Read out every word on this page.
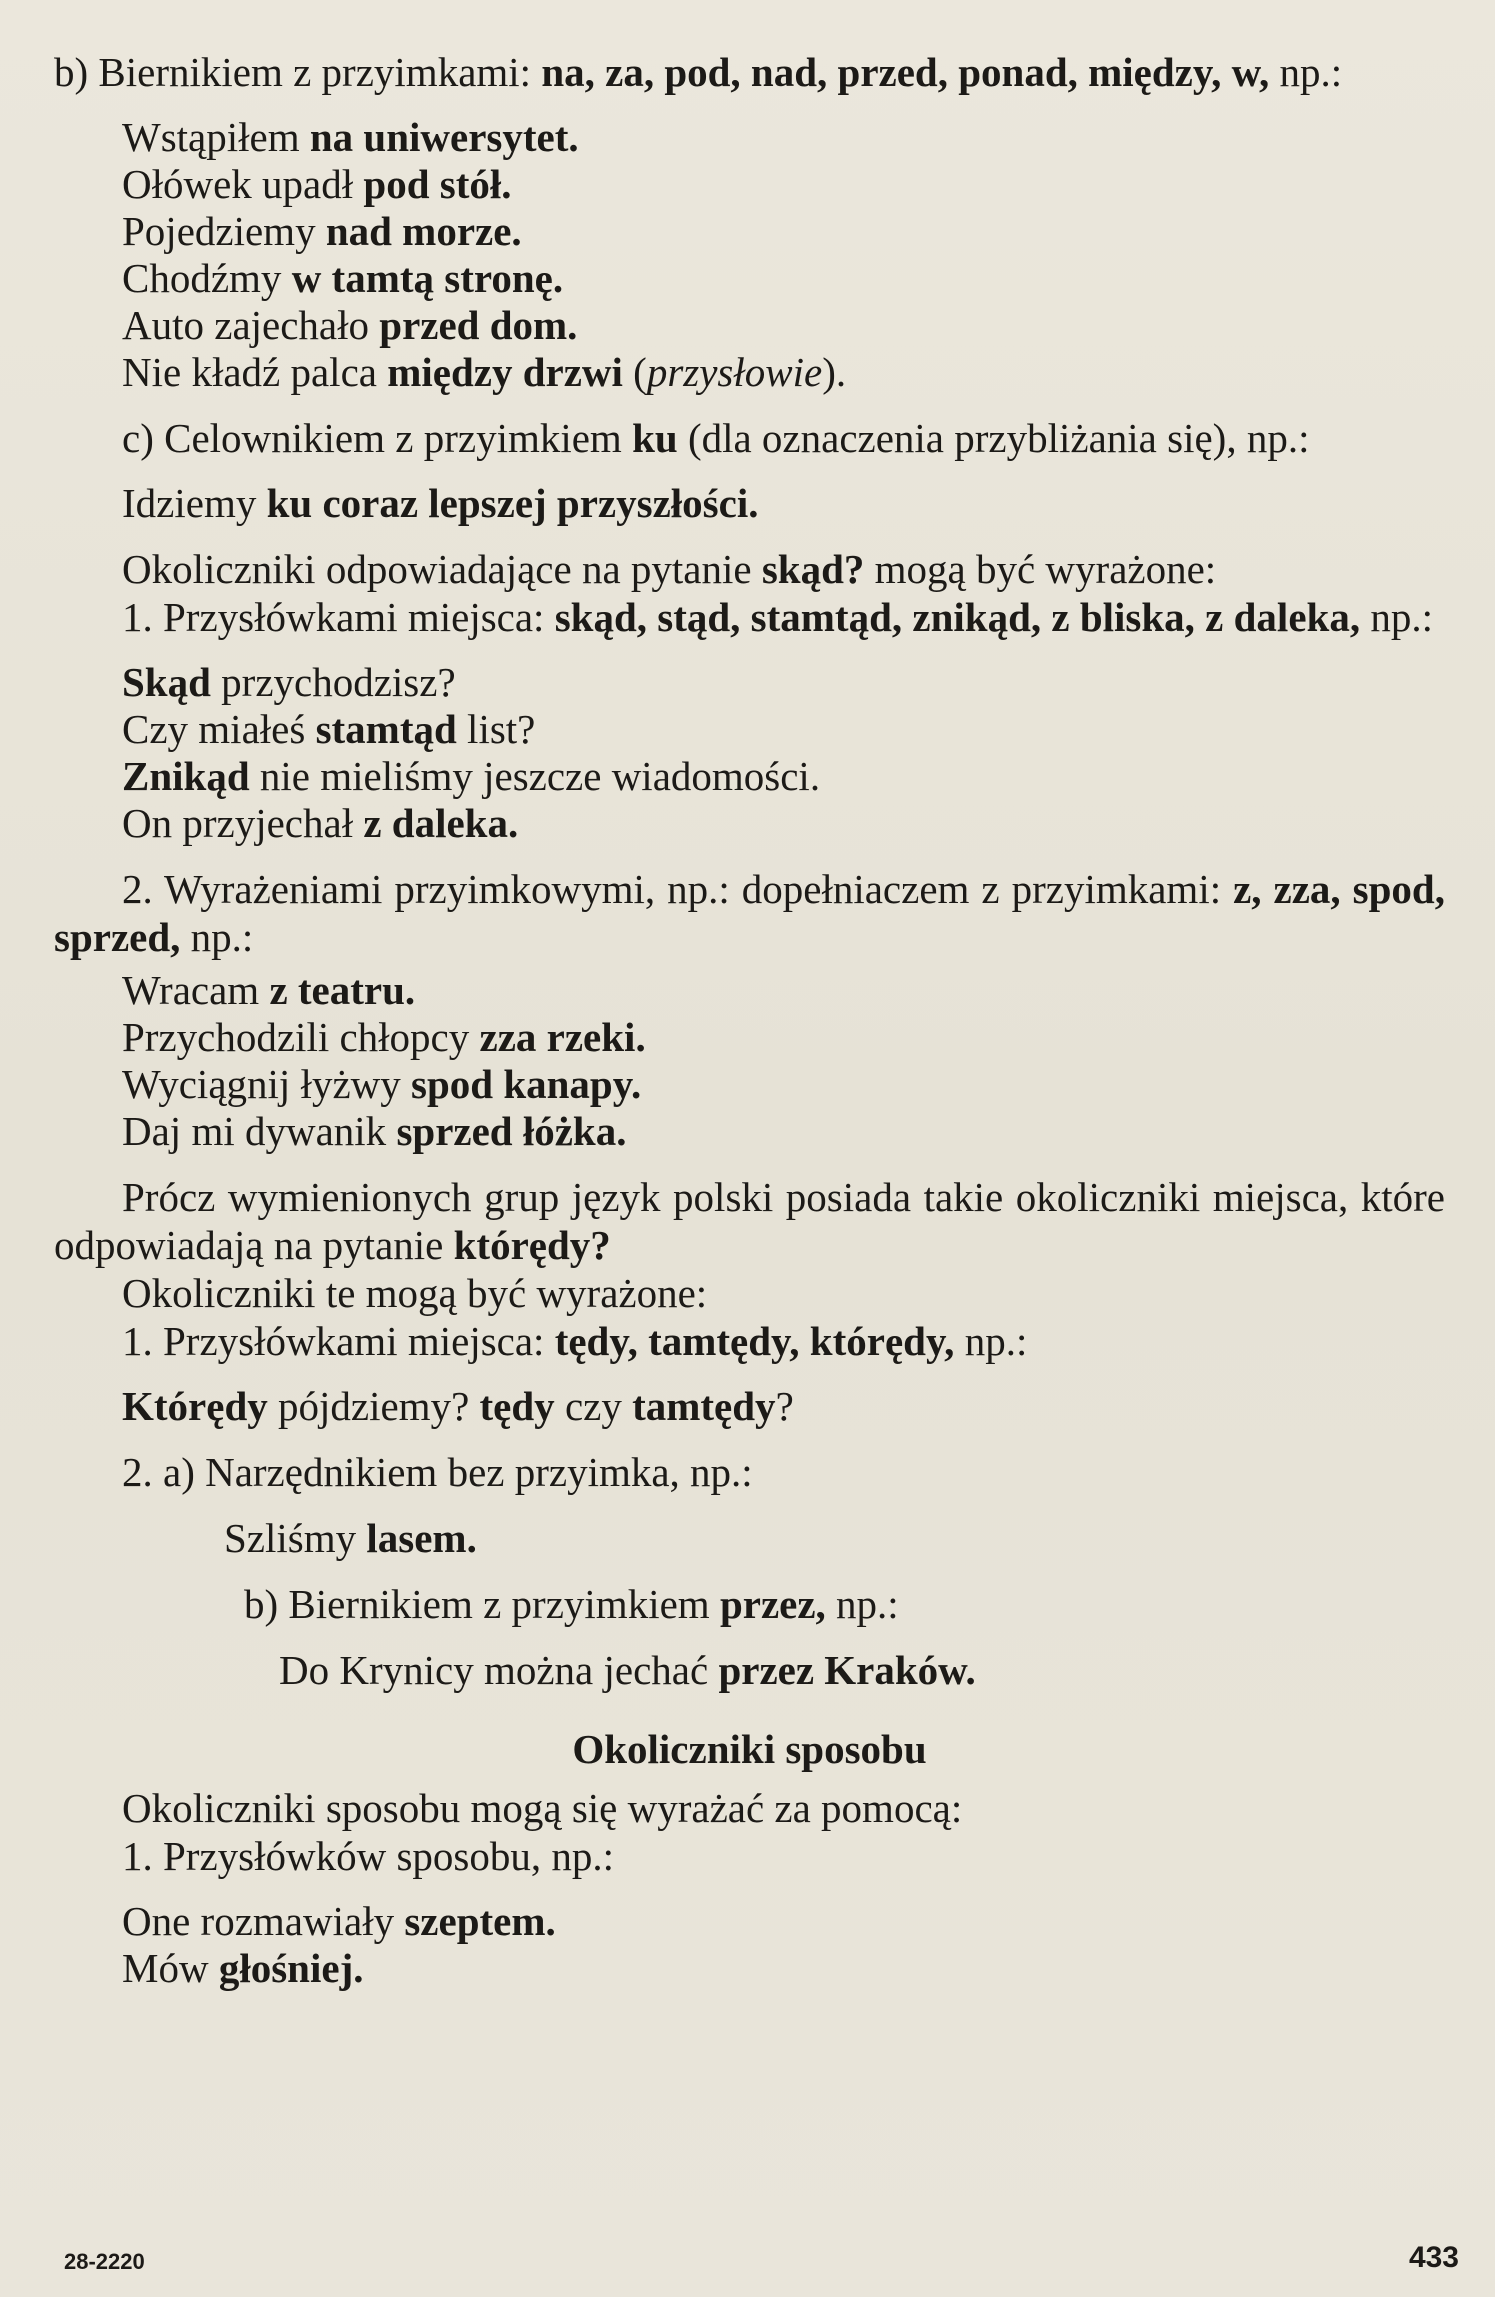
b) Biernikiem z przyimkami: na, za, pod, nad, przed, ponad, między, w, np.:

Wstąpiłem na uniwersytet.

Ołówek upadł pod stół.

Pojedziemy nad morze.

Chodźmy w tamtą stronę.

Auto zajechało przed dom.

Nie kładź palca między drzwi (przysłowie).

c) Celownikiem z przyimkiem ku (dla oznaczenia przybliżania się), np.:

Idziemy ku coraz lepszej przyszłości.

Okoliczniki odpowiadające na pytanie skąd? mogą być wyrażone:

1. Przysłówkami miejsca: skąd, stąd, stamtąd, znikąd, z bliska, z daleka, np.:

Skąd przychodzisz?

Czy miałeś stamtąd list?

Znikąd nie mieliśmy jeszcze wiadomości.

On przyjechał z daleka.

2. Wyrażeniami przyimkowymi, np.: dopełniaczem z przyimkami: z, zza, spod, sprzed, np.:

Wracam z teatru.

Przychodzili chłopcy zza rzeki.

Wyciągnij łyżwy spod kanapy.

Daj mi dywanik sprzed łóżka.

Prócz wymienionych grup język polski posiada takie okoliczniki miejsca, które odpowiadają na pytanie którędy?

Okoliczniki te mogą być wyrażone:

1. Przysłówkami miejsca: tędy, tamtędy, którędy, np.:

Którędy pójdziemy? tędy czy tamtędy?

2. a) Narzędnikiem bez przyimka, np.:

Szliśmy lasem.

b) Biernikiem z przyimkiem przez, np.:

Do Krynicy można jechać przez Kraków.

Okoliczniki sposobu

Okoliczniki sposobu mogą się wyrażać za pomocą:

1. Przysłówków sposobu, np.:

One rozmawiały szeptem.

Mów głośniej.

28-2220	433
